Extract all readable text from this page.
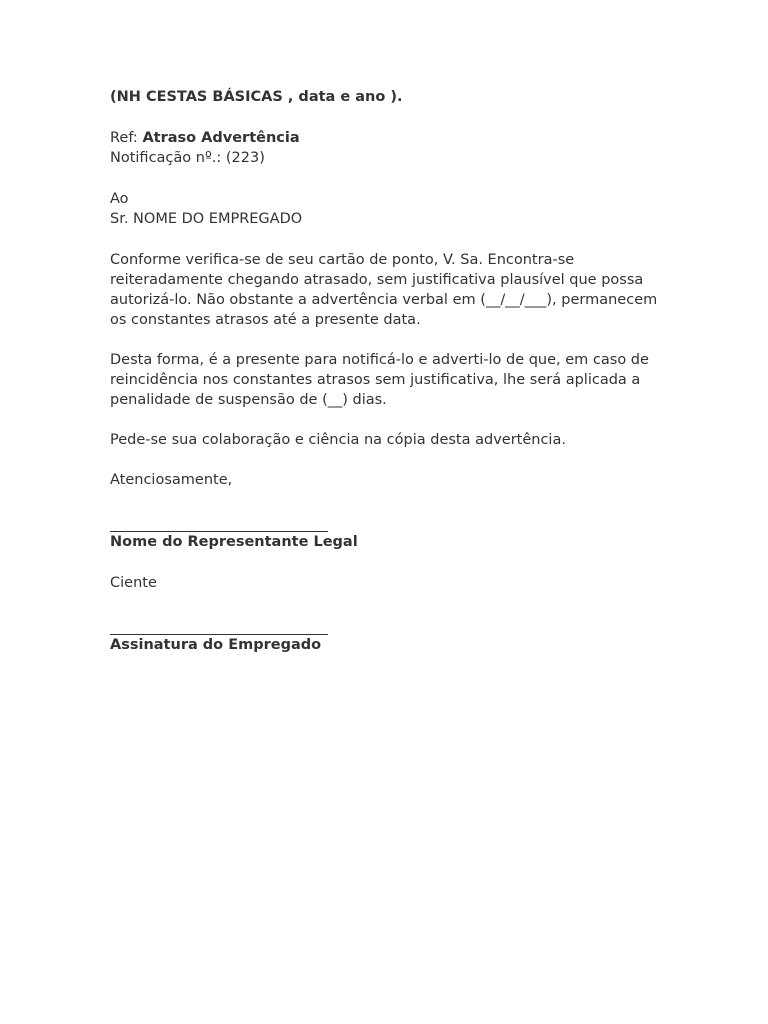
(NH CESTAS BÁSICAS , data e ano ).

Ref: Atraso Advertência

Notificação nº.: (223)

Ao

Sr. NOME DO EMPREGADO

Conforme verifica-se de seu cartão de ponto, V. Sa. Encontra-se reiteradamente chegando atrasado, sem justificativa plausível que possa autorizá-lo. Não obstante a advertência verbal em (__/__/___), permanecem os constantes atrasos até a presente data.

Desta forma, é a presente para notificá-lo e adverti-lo de que, em caso de reincidência nos constantes atrasos sem justificativa, lhe será aplicada a penalidade de suspensão de (__) dias.

Pede-se sua colaboração e ciência na cópia desta advertência.

Atenciosamente,

Nome do Representante Legal

Ciente

Assinatura do Empregado
